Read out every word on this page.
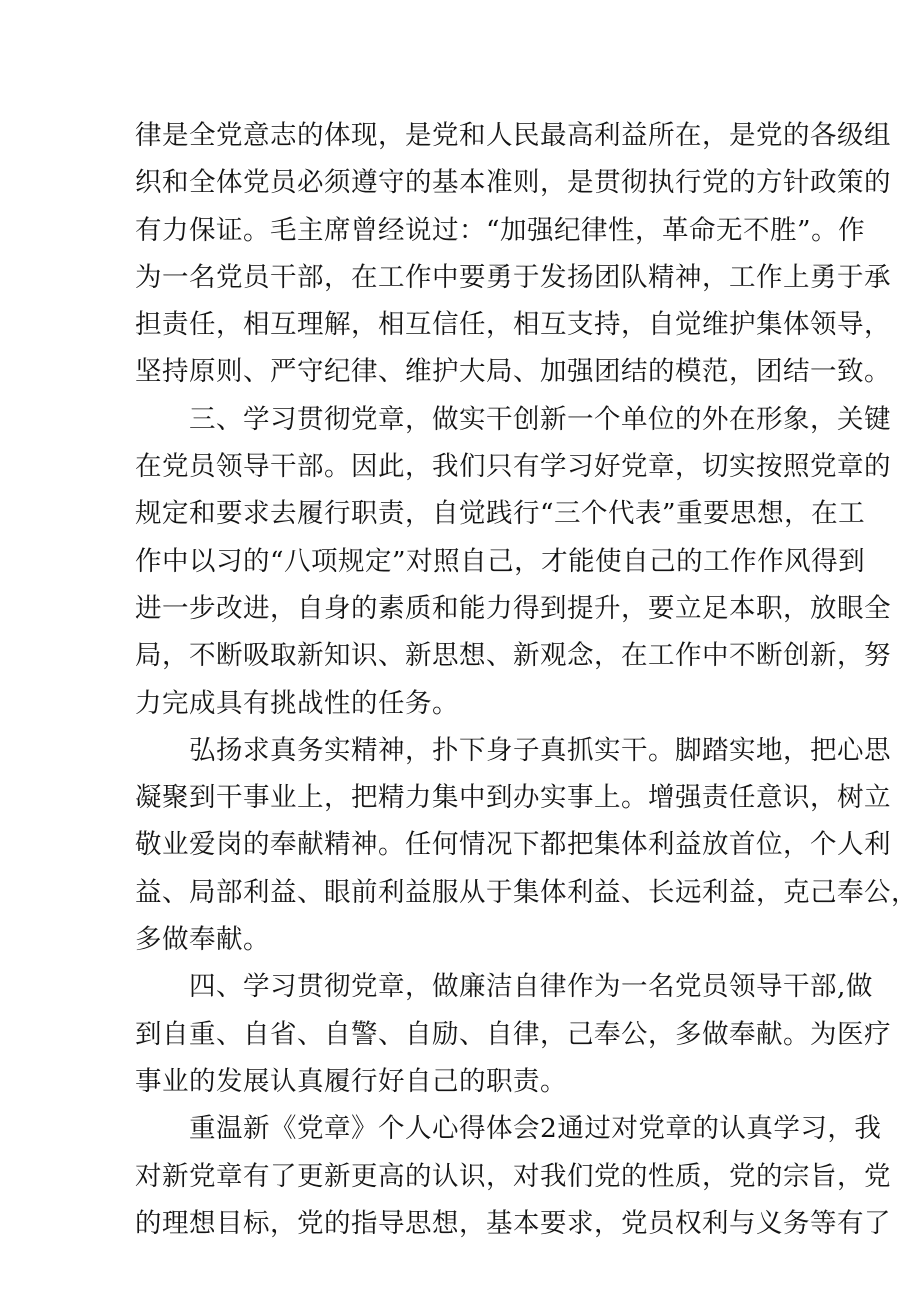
律是全党意志的体现，是党和人民最高利益所在，是党的各级组
织和全体党员必须遵守的基本准则，是贯彻执行党的方针政策的
有力保证。毛主席曾经说过：“加强纪律性，革命无不胜”。作
为一名党员干部，在工作中要勇于发扬团队精神，工作上勇于承
担责任，相互理解，相互信任，相互支持，自觉维护集体领导，
坚持原则、严守纪律、维护大局、加强团结的模范，团结一致。
　　三、学习贯彻党章，做实干创新一个单位的外在形象，关键
在党员领导干部。因此，我们只有学习好党章，切实按照党章的
规定和要求去履行职责，自觉践行“三个代表”重要思想，在工
作中以习的“八项规定”对照自己，才能使自己的工作作风得到
进一步改进，自身的素质和能力得到提升，要立足本职，放眼全
局，不断吸取新知识、新思想、新观念，在工作中不断创新，努
力完成具有挑战性的任务。
　　弘扬求真务实精神，扑下身子真抓实干。脚踏实地，把心思
凝聚到干事业上，把精力集中到办实事上。增强责任意识，树立
敬业爱岗的奉献精神。任何情况下都把集体利益放首位，个人利
益、局部利益、眼前利益服从于集体利益、长远利益，克己奉公，
多做奉献。
　　四、学习贯彻党章，做廉洁自律作为一名党员领导干部,做
到自重、自省、自警、自励、自律，己奉公，多做奉献。为医疗
事业的发展认真履行好自己的职责。
　　重温新《党章》个人心得体会2通过对党章的认真学习，我
对新党章有了更新更高的认识，对我们党的性质，党的宗旨，党
的理想目标，党的指导思想，基本要求，党员权利与义务等有了
